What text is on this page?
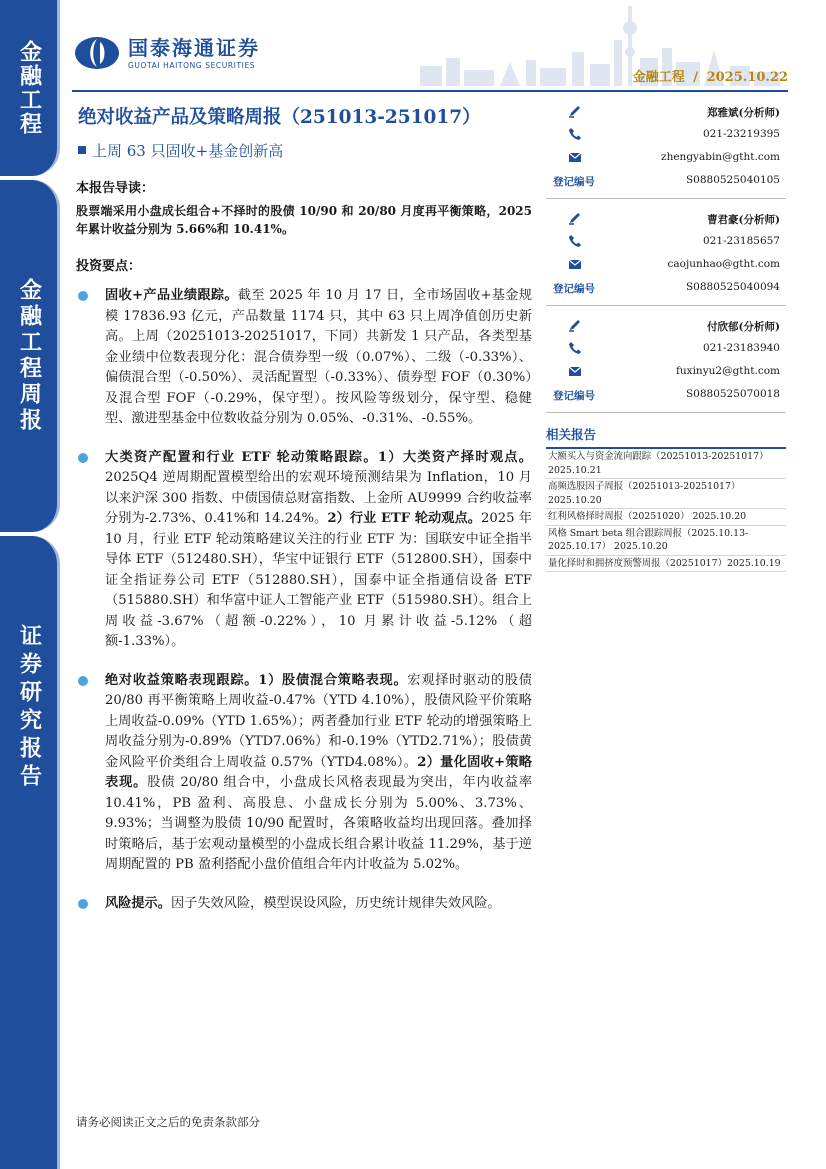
金融工程
金融工程周报
证券研究报告
国泰海通证券
GUOTAI HAITONG SECURITIES
金融工程 / 2025.10.22
绝对收益产品及策略周报（251013-251017）
上周 63 只固收+基金创新高
本报告导读：
股票端采用小盘成长组合+不择时的股债 10/90 和 20/80 月度再平衡策略，2025 年累计收益分别为 5.66%和 10.41%。
投资要点：
固收+产品业绩跟踪。截至 2025 年 10 月 17 日，全市场固收+基金规模 17836.93 亿元，产品数量 1174 只，其中 63 只上周净值创历史新高。上周（20251013-20251017，下同）共新发 1 只产品，各类型基金业绩中位数表现分化：混合债券型一级（0.07%）、二级（-0.33%）、偏债混合型（-0.50%）、灵活配置型（-0.33%）、债券型 FOF（0.30%）及混合型 FOF（-0.29%，保守型）。按风险等级划分，保守型、稳健型、激进型基金中位数收益分别为 0.05%、-0.31%、-0.55%。
大类资产配置和行业 ETF 轮动策略跟踪。1）大类资产择时观点。2025Q4 逆周期配置模型给出的宏观环境预测结果为 Inflation，10 月以来沪深 300 指数、中债国债总财富指数、上金所 AU9999 合约收益率分别为-2.73%、0.41%和 14.24%。2）行业 ETF 轮动观点。2025 年 10 月，行业 ETF 轮动策略建议关注的行业 ETF 为：国联安中证全指半导体 ETF（512480.SH），华宝中证银行 ETF（512800.SH），国泰中证全指证券公司 ETF（512880.SH），国泰中证全指通信设备 ETF（515880.SH）和华富中证人工智能产业 ETF（515980.SH）。组合上周收益-3.67%（超额-0.22%），10 月累计收益-5.12%（超额-1.33%）。
绝对收益策略表现跟踪。1）股债混合策略表现。宏观择时驱动的股债 20/80 再平衡策略上周收益-0.47%（YTD 4.10%），股债风险平价策略上周收益-0.09%（YTD 1.65%）；两者叠加行业 ETF 轮动的增强策略上周收益分别为-0.89%（YTD7.06%）和-0.19%（YTD2.71%）；股债黄金风险平价类组合上周收益 0.57%（YTD4.08%）。2）量化固收+策略表现。股债 20/80 组合中，小盘成长风格表现最为突出，年内收益率 10.41%，PB 盈利、高股息、小盘成长分别为 5.00%、3.73%、9.93%；当调整为股债 10/90 配置时，各策略收益均出现回落。叠加择时策略后，基于宏观动量模型的小盘成长组合累计收益 11.29%，基于逆周期配置的 PB 盈利搭配小盘价值组合年内计收益为 5.02%。
风险提示。因子失效风险，模型误设风险，历史统计规律失效风险。
郑雅斌(分析师)
021-23219395
zhengyabin@gtht.com
登记编号	S0880525040105
曹君豪(分析师)
021-23185657
caojunhao@gtht.com
登记编号	S0880525040094
付欣郁(分析师)
021-23183940
fuxinyu2@gtht.com
登记编号	S0880525070018
相关报告
大额买入与资金流向跟踪（20251013-20251017）2025.10.21
高频选股因子周报（20251013-20251017）2025.10.20
红利风格择时周报（20251020） 2025.10.20
风格 Smart beta 组合跟踪周报（2025.10.13-2025.10.17） 2025.10.20
量化择时和拥挤度预警周报（20251017）2025.10.19
请务必阅读正文之后的免责条款部分
